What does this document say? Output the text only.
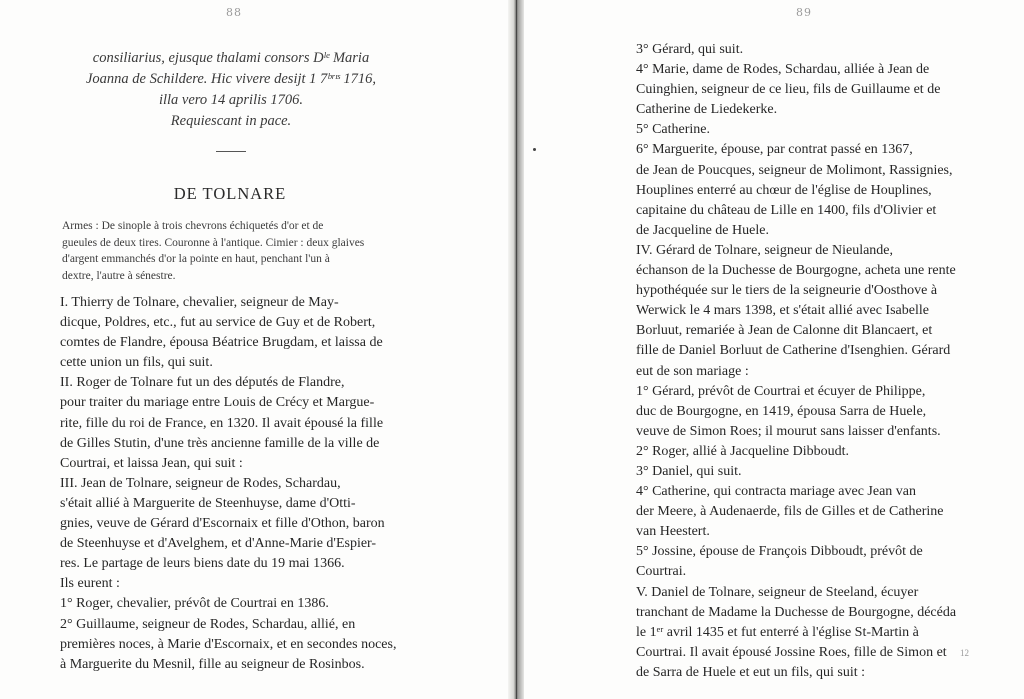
88
consiliarius, ejusque thalami consors Dˡᵉ Maria
Joanna de Schildere. Hic vivere desijt 1 7ᵇʳᶦˢ 1716,
illa vero 14 aprilis 1706.
Requiescant in pace.
DE TOLNARE
Armes : De sinople à trois chevrons échiquetés d'or et de
gueules de deux tires. Couronne à l'antique. Cimier : deux glaives
d'argent emmanchés d'or la pointe en haut, penchant l'un à
dextre, l'autre à sénestre.
I. Thierry de Tolnare, chevalier, seigneur de May-
dicque, Poldres, etc., fut au service de Guy et de Robert,
comtes de Flandre, épousa Béatrice Brugdam, et laissa de
cette union un fils, qui suit.
II. Roger de Tolnare fut un des députés de Flandre,
pour traiter du mariage entre Louis de Crécy et Margue-
rite, fille du roi de France, en 1320. Il avait épousé la fille
de Gilles Stutin, d'une très ancienne famille de la ville de
Courtrai, et laissa Jean, qui suit :
III. Jean de Tolnare, seigneur de Rodes, Schardau,
s'était allié à Marguerite de Steenhuyse, dame d'Otti-
gnies, veuve de Gérard d'Escornaix et fille d'Othon, baron
de Steenhuyse et d'Avelghem, et d'Anne-Marie d'Espier-
res. Le partage de leurs biens date du 19 mai 1366.
Ils eurent :
1° Roger, chevalier, prévôt de Courtrai en 1386.
2° Guillaume, seigneur de Rodes, Schardau, allié, en
premières noces, à Marie d'Escornaix, et en secondes noces,
à Marguerite du Mesnil, fille au seigneur de Rosinbos.
89
3° Gérard, qui suit.
4° Marie, dame de Rodes, Schardau, alliée à Jean de
Cuinghien, seigneur de ce lieu, fils de Guillaume et de
Catherine de Liedekerke.
5° Catherine.
6° Marguerite, épouse, par contrat passé en 1367,
de Jean de Poucques, seigneur de Molimont, Rassignies,
Houplines enterré au chœur de l'église de Houplines,
capitaine du château de Lille en 1400, fils d'Olivier et
de Jacqueline de Huele.
IV. Gérard de Tolnare, seigneur de Nieulande,
échanson de la Duchesse de Bourgogne, acheta une rente
hypothéquée sur le tiers de la seigneurie d'Oosthove à
Werwick le 4 mars 1398, et s'était allié avec Isabelle
Borluut, remariée à Jean de Calonne dit Blancaert, et
fille de Daniel Borluut de Catherine d'Isenghien. Gérard
eut de son mariage :
1° Gérard, prévôt de Courtrai et écuyer de Philippe,
duc de Bourgogne, en 1419, épousa Sarra de Huele,
veuve de Simon Roes; il mourut sans laisser d'enfants.
2° Roger, allié à Jacqueline Dibboudt.
3° Daniel, qui suit.
4° Catherine, qui contracta mariage avec Jean van
der Meere, à Audenaerde, fils de Gilles et de Catherine
van Heestert.
5° Jossine, épouse de François Dibboudt, prévôt de
Courtrai.
V. Daniel de Tolnare, seigneur de Steeland, écuyer
tranchant de Madame la Duchesse de Bourgogne, décéda
le 1ᵉʳ avril 1435 et fut enterré à l'église St-Martin à
Courtrai. Il avait épousé Jossine Roes, fille de Simon et
de Sarra de Huele et eut un fils, qui suit :
12
